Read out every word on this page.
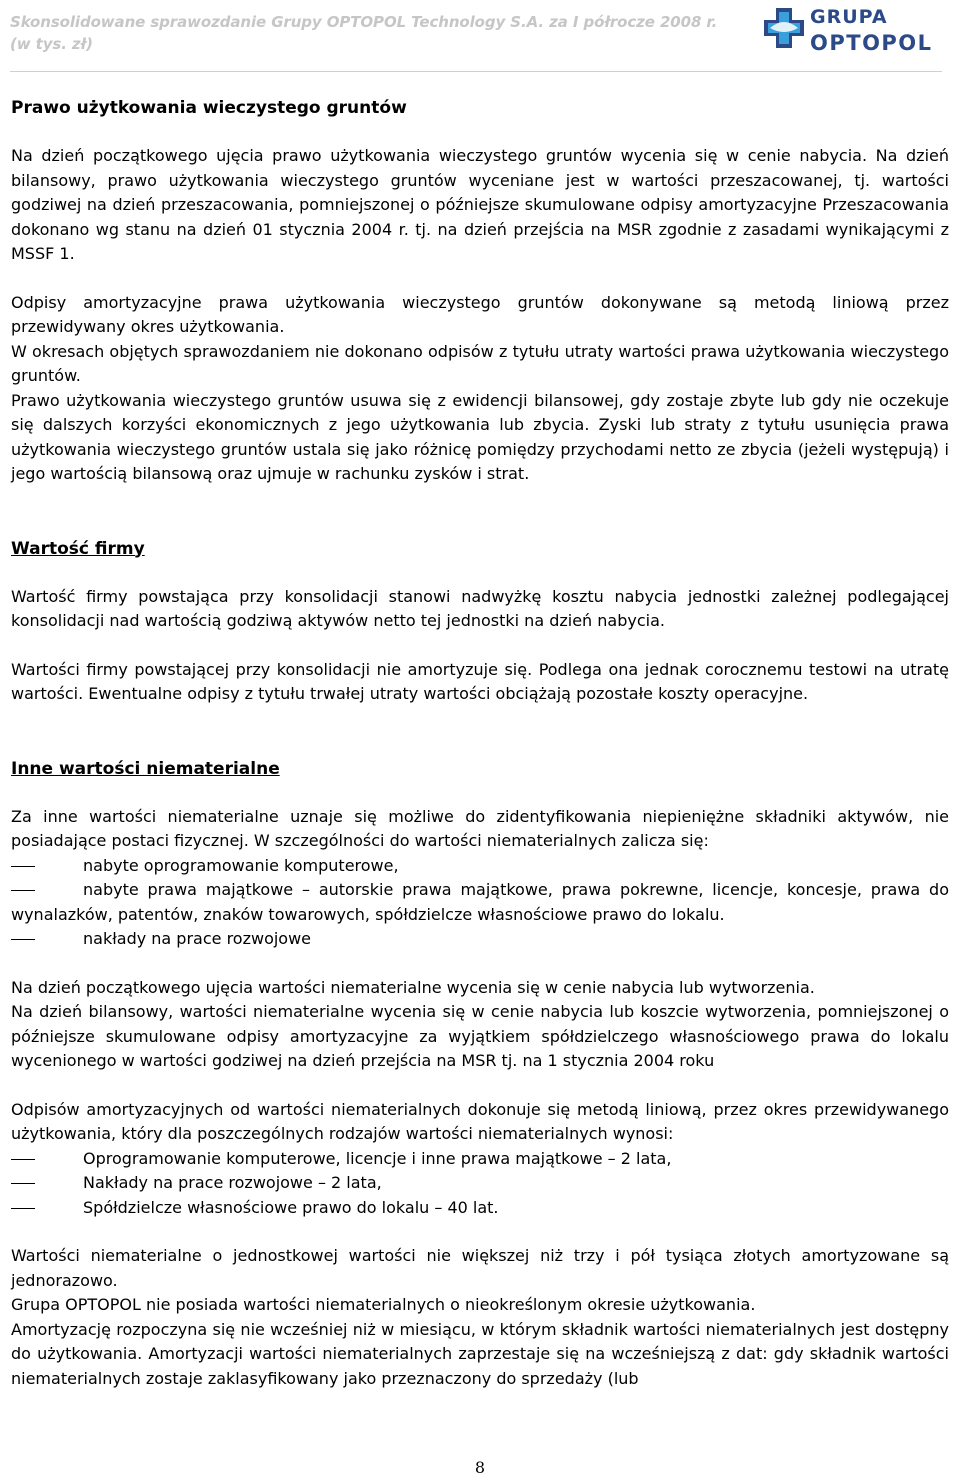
Skonsolidowane sprawozdanie Grupy OPTOPOL Technology S.A. za I półrocze 2008 r.
(w tys. zł)
GRUPA
OPTOPOL
Prawo użytkowania wieczystego gruntów

Na dzień początkowego ujęcia prawo użytkowania wieczystego gruntów wycenia się w cenie nabycia. Na dzień bilansowy, prawo użytkowania wieczystego gruntów wyceniane jest w wartości przeszacowanej, tj. wartości godziwej na dzień przeszacowania, pomniejszonej o późniejsze skumulowane odpisy amortyzacyjne Przeszacowania dokonano wg stanu na dzień 01 stycznia 2004 r. tj. na dzień przejścia na MSR zgodnie z zasadami wynikającymi z MSSF 1.

Odpisy amortyzacyjne prawa użytkowania wieczystego gruntów dokonywane są metodą liniową przez przewidywany okres użytkowania.

W okresach objętych sprawozdaniem nie dokonano odpisów z tytułu utraty wartości prawa użytkowania wieczystego gruntów.

Prawo użytkowania wieczystego gruntów usuwa się z ewidencji bilansowej, gdy zostaje zbyte lub gdy nie oczekuje się dalszych korzyści ekonomicznych z jego użytkowania lub zbycia. Zyski lub straty z tytułu usunięcia prawa użytkowania wieczystego gruntów ustala się jako różnicę pomiędzy przychodami netto ze zbycia (jeżeli występują) i jego wartością bilansową oraz ujmuje w rachunku zysków i strat.

Wartość firmy

Wartość firmy powstająca przy konsolidacji stanowi nadwyżkę kosztu nabycia jednostki zależnej podlegającej konsolidacji nad wartością godziwą aktywów netto tej jednostki na dzień nabycia.

Wartości firmy powstającej przy konsolidacji nie amortyzuje się. Podlega ona jednak corocznemu testowi na utratę wartości. Ewentualne odpisy z tytułu trwałej utraty wartości obciążają pozostałe koszty operacyjne.

Inne wartości niematerialne

Za inne wartości niematerialne uznaje się możliwe do zidentyfikowania niepieniężne składniki aktywów, nie posiadające postaci fizycznej. W szczególności do wartości niematerialnych zalicza się:

nabyte oprogramowanie komputerowe,
nabyte prawa majątkowe – autorskie prawa majątkowe, prawa pokrewne, licencje, koncesje, prawa do wynalazków, patentów, znaków towarowych, spółdzielcze własnościowe prawo do lokalu.
nakłady na prace rozwojowe

Na dzień początkowego ujęcia wartości niematerialne wycenia się w cenie nabycia lub wytworzenia.

Na dzień bilansowy, wartości niematerialne wycenia się w cenie nabycia lub koszcie wytworzenia, pomniejszonej o późniejsze skumulowane odpisy amortyzacyjne za wyjątkiem spółdzielczego własnościowego prawa do lokalu wycenionego w wartości godziwej na dzień przejścia na MSR tj. na 1 stycznia 2004 roku

Odpisów amortyzacyjnych od wartości niematerialnych dokonuje się metodą liniową, przez okres przewidywanego użytkowania, który dla poszczególnych rodzajów wartości niematerialnych wynosi:

Oprogramowanie komputerowe, licencje i inne prawa majątkowe – 2 lata,
Nakłady na prace rozwojowe – 2 lata,
Spółdzielcze własnościowe prawo do lokalu – 40 lat.

Wartości niematerialne o jednostkowej wartości nie większej niż trzy i pół tysiąca złotych amortyzowane są jednorazowo.

Grupa OPTOPOL nie posiada wartości niematerialnych o nieokreślonym okresie użytkowania.

Amortyzację rozpoczyna się nie wcześniej niż w miesiącu, w którym składnik wartości niematerialnych jest dostępny do użytkowania. Amortyzacji wartości niematerialnych zaprzestaje się na wcześniejszą z dat: gdy składnik wartości niematerialnych zostaje zaklasyfikowany jako przeznaczony do sprzedaży (lub

8
